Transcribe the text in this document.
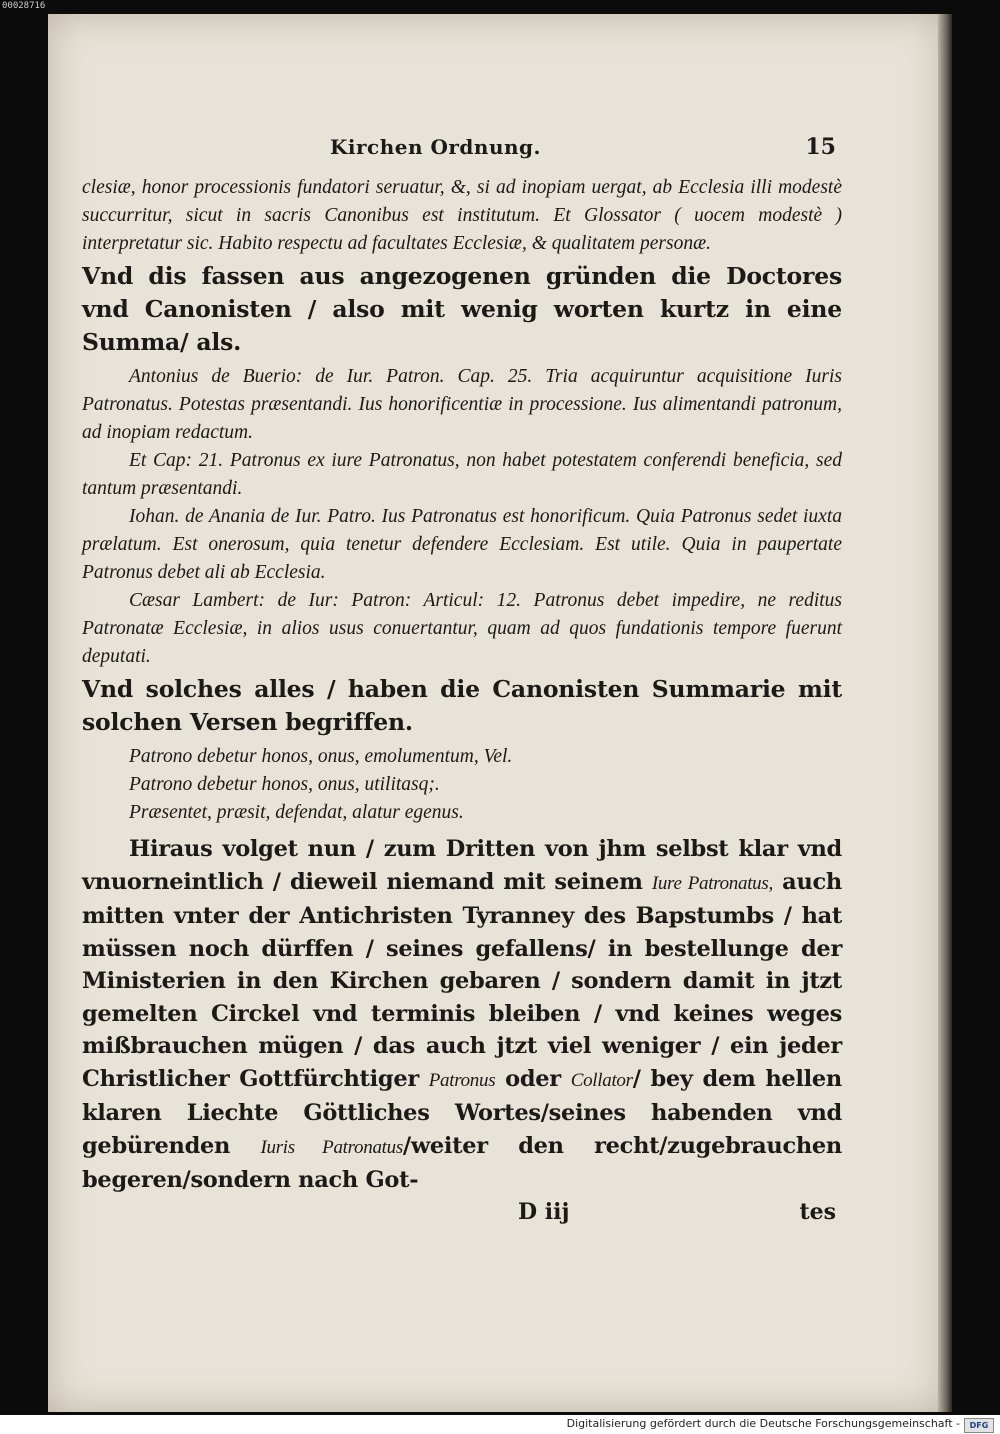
00028716
Kirchen Ordnung.	15

clesiæ, honor processionis fundatori seruatur, &, si ad inopiam uergat, ab Ecclesia illi modestè succurritur, sicut in sacris Canonibus est institutum. Et Glossator ( uocem modestè ) interpretatur sic. Habito respectu ad facultates Ecclesiæ, & qualitatem personæ.

Vnd dis fassen aus angezogenen gründen die Doctores vnd Canonisten / also mit wenig worten kurtz in eine Summa/ als.

Antonius de Buerio: de Iur. Patron. Cap. 25. Tria acquiruntur acquisitione Iuris Patronatus. Potestas præsentandi. Ius honorificentiæ in processione. Ius alimentandi patronum, ad inopiam redactum.

Et Cap: 21. Patronus ex iure Patronatus, non habet potestatem conferendi beneficia, sed tantum præsentandi.

Iohan. de Anania de Iur. Patro. Ius Patronatus est honorificum. Quia Patronus sedet iuxta prælatum. Est onerosum, quia tenetur defendere Ecclesiam. Est utile. Quia in paupertate Patronus debet ali ab Ecclesia.

Cæsar Lambert: de Iur: Patron: Articul: 12. Patronus debet impedire, ne reditus Patronatæ Ecclesiæ, in alios usus conuertantur, quam ad quos fundationis tempore fuerunt deputati.

Vnd solches alles / haben die Canonisten Summarie mit solchen Versen begriffen.

Patrono debetur honos, onus, emolumentum, Vel.
Patrono debetur honos, onus, utilitasq;.
Præsentet, præsit, defendat, alatur egenus.

Hiraus volget nun / zum Dritten von jhm selbst klar vnd vnuorneintlich / dieweil niemand mit seinem Iure Patronatus, auch mitten vnter der Antichristen Tyranney des Bapstumbs / hat müssen noch dürffen / seines gefallens/ in bestellunge der Ministerien in den Kirchen gebaren / sondern damit in jtzt gemelten Circkel vnd terminis bleiben / vnd keines weges mißbrauchen mügen / das auch jtzt viel weniger / ein jeder Christlicher Gottfürchtiger Patronus oder Collator/ bey dem hellen klaren Liechte Göttliches Wortes/seines habenden vnd gebürenden Iuris Patronatus/weiter den recht/zugebrauchen begeren/sondern nach Got-

D iij	tes
Digitalisierung gefördert durch die Deutsche Forschungsgemeinschaft -	DFG
